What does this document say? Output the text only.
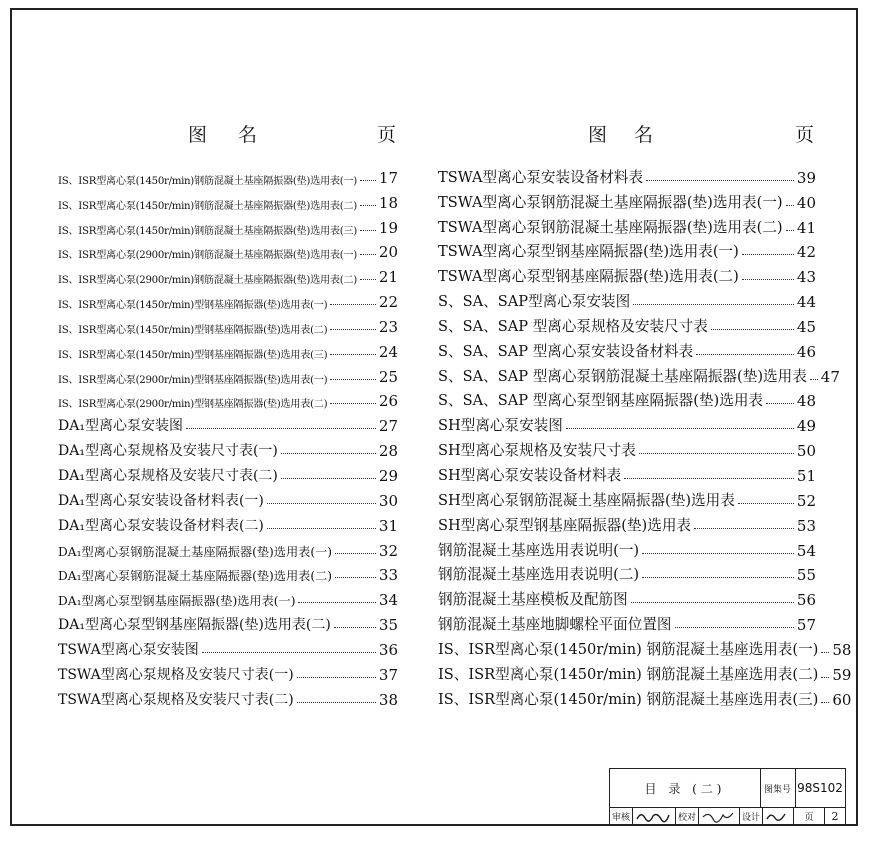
图 名	页
IS、ISR型离心泵(1450r/min)钢筋混凝土基座隔振器(垫)选用表(一) 17
IS、ISR型离心泵(1450r/min)钢筋混凝土基座隔振器(垫)选用表(二) 18
IS、ISR型离心泵(1450r/min)钢筋混凝土基座隔振器(垫)选用表(三) 19
IS、ISR型离心泵(2900r/min)钢筋混凝土基座隔振器(垫)选用表(一) 20
IS、ISR型离心泵(2900r/min)钢筋混凝土基座隔振器(垫)选用表(二) 21
IS、ISR型离心泵(1450r/min)型钢基座隔振器(垫)选用表(一)	22
IS、ISR型离心泵(1450r/min)型钢基座隔振器(垫)选用表(二)	23
IS、ISR型离心泵(1450r/min)型钢基座隔振器(垫)选用表(三)	24
IS、ISR型离心泵(2900r/min)型钢基座隔振器(垫)选用表(一)	25
IS、ISR型离心泵(2900r/min)型钢基座隔振器(垫)选用表(二)	26
DA₁型离心泵安装图	27
DA₁型离心泵规格及安装尺寸表(一)	28
DA₁型离心泵规格及安装尺寸表(二)	29
DA₁型离心泵安装设备材料表(一)	30
DA₁型离心泵安装设备材料表(二)	31
DA₁型离心泵钢筋混凝土基座隔振器(垫)选用表(一)	32
DA₁型离心泵钢筋混凝土基座隔振器(垫)选用表(二)	33
DA₁型离心泵型钢基座隔振器(垫)选用表(一)	34
DA₁型离心泵型钢基座隔振器(垫)选用表(二)	35
TSWA型离心泵安装图	36
TSWA型离心泵规格及安装尺寸表(一)	37
TSWA型离心泵规格及安装尺寸表(二)	38
图 名	页
TSWA型离心泵安装设备材料表	39
TSWA型离心泵钢筋混凝土基座隔振器(垫)选用表(一) 40
TSWA型离心泵钢筋混凝土基座隔振器(垫)选用表(二) 41
TSWA型离心泵型钢基座隔振器(垫)选用表(一)	42
TSWA型离心泵型钢基座隔振器(垫)选用表(二)	43
S、SA、SAP型离心泵安装图	44
S、SA、SAP 型离心泵规格及安装尺寸表	45
S、SA、SAP 型离心泵安装设备材料表	46
S、SA、SAP 型离心泵钢筋混凝土基座隔振器(垫)选用表 47
S、SA、SAP 型离心泵型钢基座隔振器(垫)选用表 48
SH型离心泵安装图	49
SH型离心泵规格及安装尺寸表	50
SH型离心泵安装设备材料表	51
SH型离心泵钢筋混凝土基座隔振器(垫)选用表	52
SH型离心泵型钢基座隔振器(垫)选用表	53
钢筋混凝土基座选用表说明(一)	54
钢筋混凝土基座选用表说明(二)	55
钢筋混凝土基座模板及配筋图	56
钢筋混凝土基座地脚螺栓平面位置图	57
IS、ISR型离心泵(1450r/min) 钢筋混凝土基座选用表(一) 58
IS、ISR型离心泵(1450r/min) 钢筋混凝土基座选用表(二) 59
IS、ISR型离心泵(1450r/min) 钢筋混凝土基座选用表(三) 60
目 录 (二)	图集号 98S102
审核	校对	设计	页	2
